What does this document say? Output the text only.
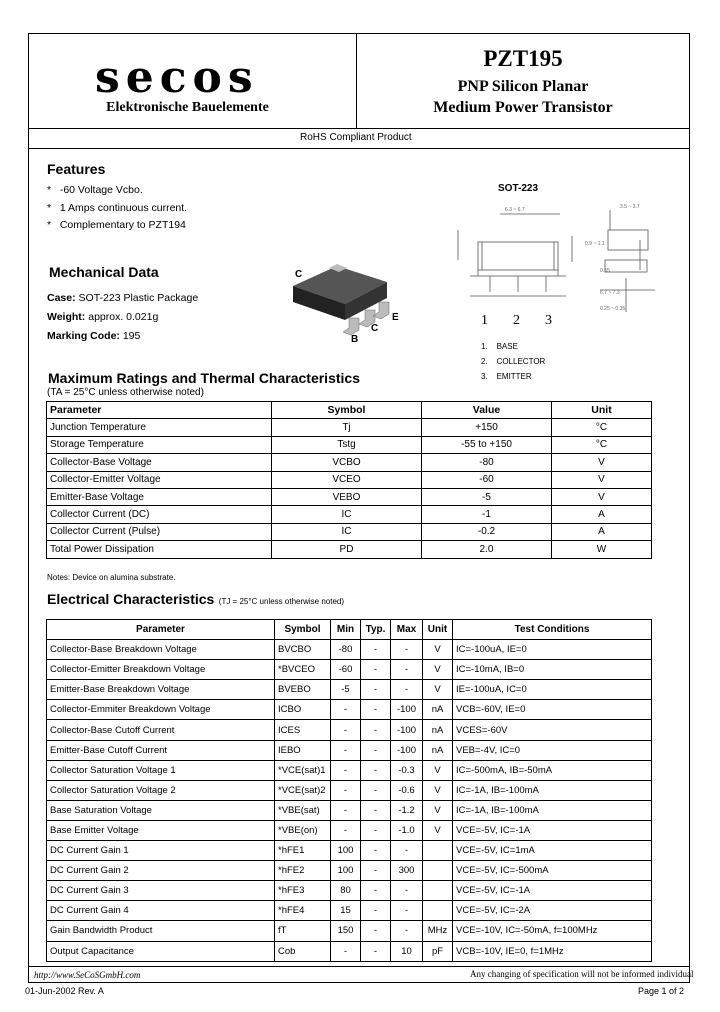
secos
Elektronische Bauelemente
PZT195
PNP Silicon Planar
Medium Power Transistor
RoHS Compliant Product
Features
*   -60 Voltage Vcbo.
*   1 Amps continuous current.
*   Complementary to PZT194
SOT-223
6.3 ~ 6.7	3.5 ~ 3.7
0.9 ~ 1.1
0.55
6.7 ~ 7.3
0.25 ~ 0.35
1 2 3
1.    BASE
2.    COLLECTOR
3.    EMITTER
C
B
C
E
Mechanical Data
Case: SOT-223 Plastic Package
Weight: approx. 0.021g
Marking Code: 195
Maximum Ratings and Thermal Characteristics
(TA = 25°C unless otherwise noted)
Parameter	Symbol	Value	Unit
Junction Temperature	Tj	+150	°C
Storage Temperature	Tstg	-55 to +150	°C
Collector-Base Voltage	VCBO	-80	V
Collector-Emitter Voltage	VCEO	-60	V
Emitter-Base Voltage	VEBO	-5	V
Collector Current (DC)	IC	-1	A
Collector Current (Pulse)	IC	-0.2	A
Total Power Dissipation	PD	2.0	W
Notes: Device on alumina substrate.
Electrical Characteristics (TJ = 25°C unless otherwise noted)
Parameter	Symbol	Min	Typ.	Max	Unit	Test Conditions
Collector-Base Breakdown Voltage	BVCBO	-80	-	-	V	IC=-100uA, IE=0
Collector-Emitter Breakdown Voltage	*BVCEO	-60	-	-	V	IC=-10mA, IB=0
Emitter-Base Breakdown Voltage	BVEBO	-5	-	-	V	IE=-100uA, IC=0
Collector-Emmiter Breakdown Voltage	ICBO	-	-	-100	nA	VCB=-60V, IE=0
Collector-Base Cutoff Current	ICES	-	-	-100	nA	VCES=-60V
Emitter-Base Cutoff Current	IEBO	-	-	-100	nA	VEB=-4V, IC=0
Collector Saturation Voltage 1	*VCE(sat)1	-	-	-0.3	V	IC=-500mA, IB=-50mA
Collector Saturation Voltage 2	*VCE(sat)2	-	-	-0.6	V	IC=-1A, IB=-100mA
Base Saturation Voltage	*VBE(sat)	-	-	-1.2	V	IC=-1A, IB=-100mA
Base Emitter Voltage	*VBE(on)	-	-	-1.0	V	VCE=-5V, IC=-1A
DC Current Gain 1	*hFE1	100	-	-		VCE=-5V, IC=1mA
DC Current Gain 2	*hFE2	100	-	300		VCE=-5V, IC=-500mA
DC Current Gain 3	*hFE3	80	-	-		VCE=-5V, IC=-1A
DC Current Gain 4	*hFE4	15	-	-		VCE=-5V, IC=-2A
Gain Bandwidth Product	fT	150	-	-	MHz	VCE=-10V, IC=-50mA, f=100MHz
Output Capacitance	Cob	-	-	10	pF	VCB=-10V, IE=0, f=1MHz
http://www.SeCoSGmbH.com	Any changing of specification will not be informed individual
01-Jun-2002 Rev. A	Page 1 of 2
